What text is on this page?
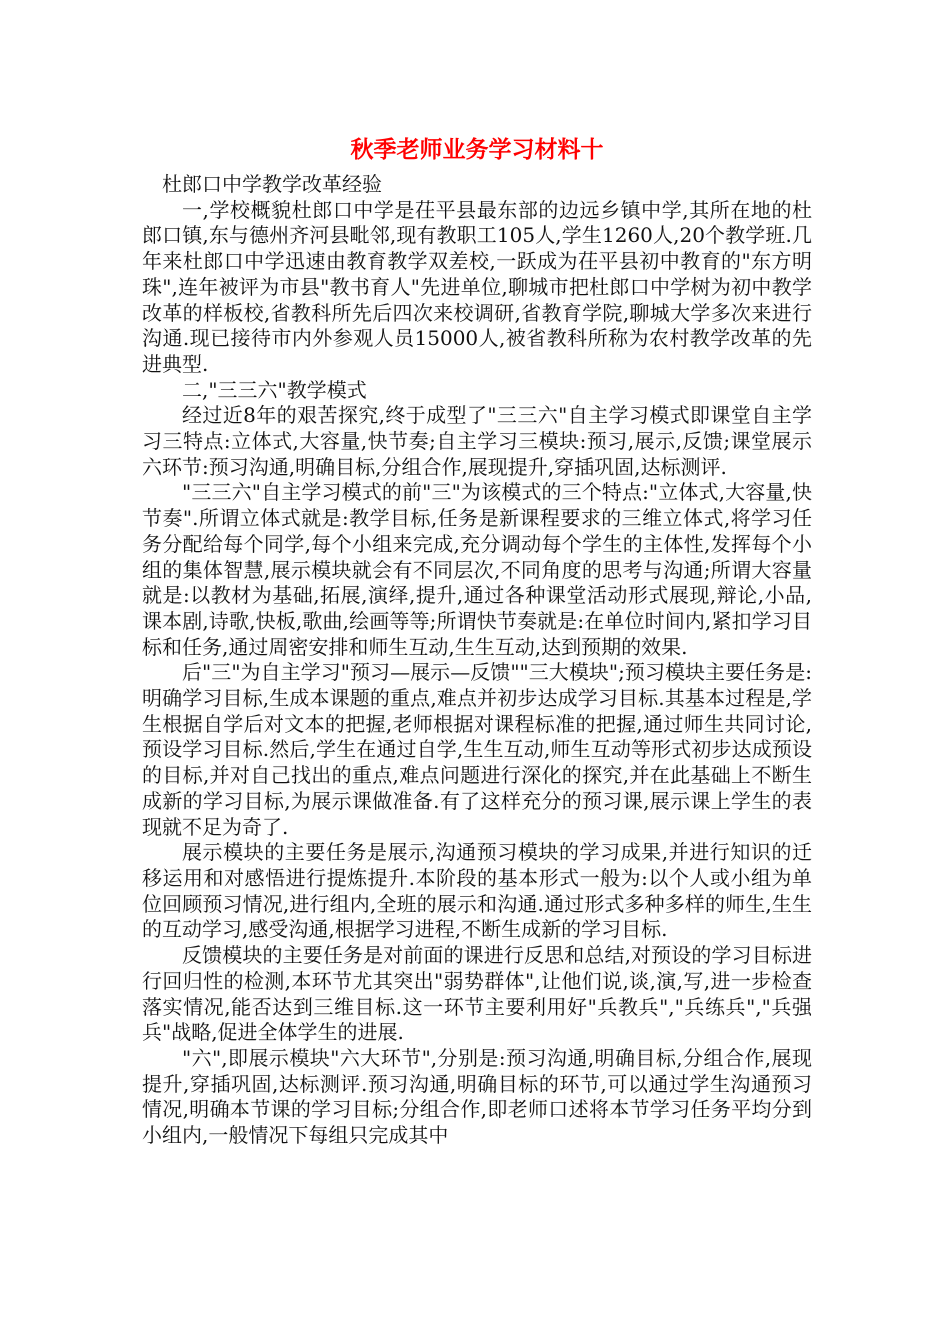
秋季老师业务学习材料十

杜郎口中学教学改革经验

一,学校概貌杜郎口中学是茌平县最东部的边远乡镇中学,其所在地的杜郎口镇,东与德州齐河县毗邻,现有教职工105人,学生1260人,20个教学班.几年来杜郎口中学迅速由教育教学双差校,一跃成为茌平县初中教育的"东方明珠",连年被评为市县"教书育人"先进单位,聊城市把杜郎口中学树为初中教学改革的样板校,省教科所先后四次来校调研,省教育学院,聊城大学多次来进行沟通.现已接待市内外参观人员15000人,被省教科所称为农村教学改革的先进典型.

二,"三三六"教学模式

经过近8年的艰苦探究,终于成型了"三三六"自主学习模式即课堂自主学习三特点:立体式,大容量,快节奏;自主学习三模块:预习,展示,反馈;课堂展示六环节:预习沟通,明确目标,分组合作,展现提升,穿插巩固,达标测评.

"三三六"自主学习模式的前"三"为该模式的三个特点:"立体式,大容量,快节奏".所谓立体式就是:教学目标,任务是新课程要求的三维立体式,将学习任务分配给每个同学,每个小组来完成,充分调动每个学生的主体性,发挥每个小组的集体智慧,展示模块就会有不同层次,不同角度的思考与沟通;所谓大容量就是:以教材为基础,拓展,演绎,提升,通过各种课堂活动形式展现,辩论,小品,课本剧,诗歌,快板,歌曲,绘画等等;所谓快节奏就是:在单位时间内,紧扣学习目标和任务,通过周密安排和师生互动,生生互动,达到预期的效果.

后"三"为自主学习"预习—展示—反馈""三大模块";预习模块主要任务是:明确学习目标,生成本课题的重点,难点并初步达成学习目标.其基本过程是,学生根据自学后对文本的把握,老师根据对课程标准的把握,通过师生共同讨论,预设学习目标.然后,学生在通过自学,生生互动,师生互动等形式初步达成预设的目标,并对自己找出的重点,难点问题进行深化的探究,并在此基础上不断生成新的学习目标,为展示课做准备.有了这样充分的预习课,展示课上学生的表现就不足为奇了.

展示模块的主要任务是展示,沟通预习模块的学习成果,并进行知识的迁移运用和对感悟进行提炼提升.本阶段的基本形式一般为:以个人或小组为单位回顾预习情况,进行组内,全班的展示和沟通.通过形式多种多样的师生,生生的互动学习,感受沟通,根据学习进程,不断生成新的学习目标.

反馈模块的主要任务是对前面的课进行反思和总结,对预设的学习目标进行回归性的检测,本环节尤其突出"弱势群体",让他们说,谈,演,写,进一步检查落实情况,能否达到三维目标.这一环节主要利用好"兵教兵","兵练兵","兵强兵"战略,促进全体学生的进展.

"六",即展示模块"六大环节",分别是:预习沟通,明确目标,分组合作,展现提升,穿插巩固,达标测评.预习沟通,明确目标的环节,可以通过学生沟通预习情况,明确本节课的学习目标;分组合作,即老师口述将本节学习任务平均分到小组内,一般情况下每组只完成其中
